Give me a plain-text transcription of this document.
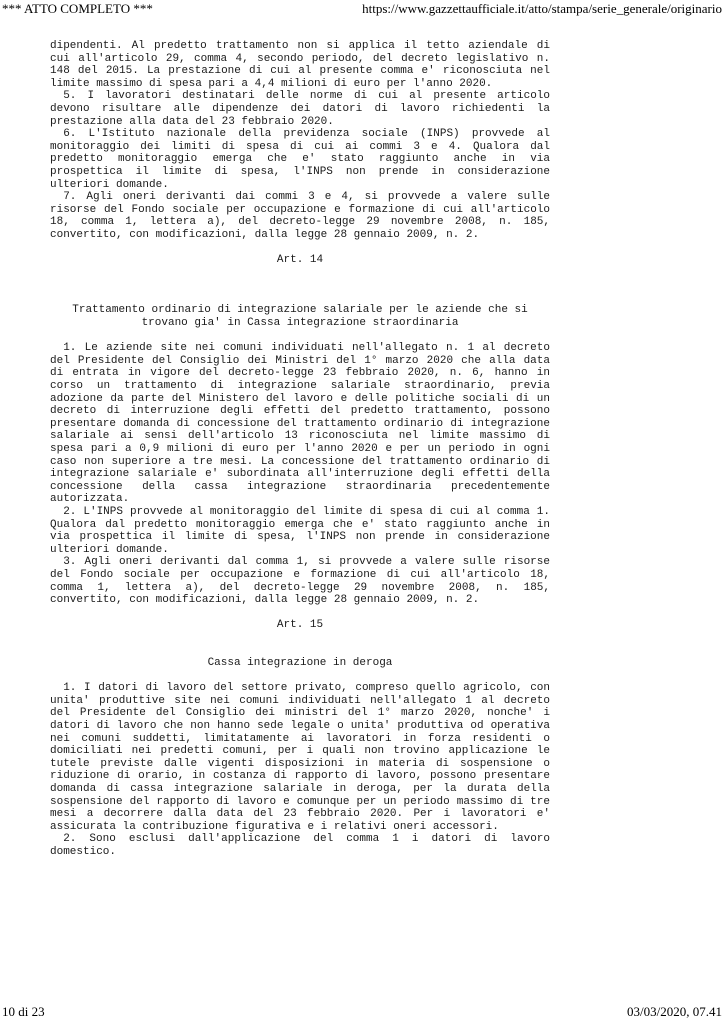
*** ATTO COMPLETO ***	https://www.gazzettaufficiale.it/atto/stampa/serie_generale/originario

dipendenti. Al predetto trattamento non si applica il tetto aziendale di cui all'articolo 29, comma 4, secondo periodo, del decreto legislativo n. 148 del 2015. La prestazione di cui al presente comma e' riconosciuta nel limite massimo di spesa pari a 4,4 milioni di euro per l'anno 2020.

5. I lavoratori destinatari delle norme di cui al presente articolo devono risultare alle dipendenze dei datori di lavoro richiedenti la prestazione alla data del 23 febbraio 2020.

6. L'Istituto nazionale della previdenza sociale (INPS) provvede al monitoraggio dei limiti di spesa di cui ai commi 3 e 4. Qualora dal predetto monitoraggio emerga che e' stato raggiunto anche in via prospettica il limite di spesa, l'INPS non prende in considerazione ulteriori domande.

7. Agli oneri derivanti dai commi 3 e 4, si provvede a valere sulle risorse del Fondo sociale per occupazione e formazione di cui all'articolo 18, comma 1, lettera a), del decreto-legge 29 novembre 2008, n. 185, convertito, con modificazioni, dalla legge 28 gennaio 2009, n. 2.

Art. 14

Trattamento ordinario di integrazione salariale per le aziende che si trovano gia' in Cassa integrazione straordinaria

1. Le aziende site nei comuni individuati nell'allegato n. 1 al decreto del Presidente del Consiglio dei Ministri del 1° marzo 2020 che alla data di entrata in vigore del decreto-legge 23 febbraio 2020, n. 6, hanno in corso un trattamento di integrazione salariale straordinario, previa adozione da parte del Ministero del lavoro e delle politiche sociali di un decreto di interruzione degli effetti del predetto trattamento, possono presentare domanda di concessione del trattamento ordinario di integrazione salariale ai sensi dell'articolo 13 riconosciuta nel limite massimo di spesa pari a 0,9 milioni di euro per l'anno 2020 e per un periodo in ogni caso non superiore a tre mesi. La concessione del trattamento ordinario di integrazione salariale e' subordinata all'interruzione degli effetti della concessione della cassa integrazione straordinaria precedentemente autorizzata.

2. L'INPS provvede al monitoraggio del limite di spesa di cui al comma 1. Qualora dal predetto monitoraggio emerga che e' stato raggiunto anche in via prospettica il limite di spesa, l'INPS non prende in considerazione ulteriori domande.

3. Agli oneri derivanti dal comma 1, si provvede a valere sulle risorse del Fondo sociale per occupazione e formazione di cui all'articolo 18, comma 1, lettera a), del decreto-legge 29 novembre 2008, n. 185, convertito, con modificazioni, dalla legge 28 gennaio 2009, n. 2.

Art. 15

Cassa integrazione in deroga

1. I datori di lavoro del settore privato, compreso quello agricolo, con unita' produttive site nei comuni individuati nell'allegato 1 al decreto del Presidente del Consiglio dei ministri del 1° marzo 2020, nonche' i datori di lavoro che non hanno sede legale o unita' produttiva od operativa nei comuni suddetti, limitatamente ai lavoratori in forza residenti o domiciliati nei predetti comuni, per i quali non trovino applicazione le tutele previste dalle vigenti disposizioni in materia di sospensione o riduzione di orario, in costanza di rapporto di lavoro, possono presentare domanda di cassa integrazione salariale in deroga, per la durata della sospensione del rapporto di lavoro e comunque per un periodo massimo di tre mesi a decorrere dalla data del 23 febbraio 2020. Per i lavoratori e' assicurata la contribuzione figurativa e i relativi oneri accessori.

2. Sono esclusi dall'applicazione del comma 1 i datori di lavoro domestico.

10 di 23	03/03/2020, 07.41
